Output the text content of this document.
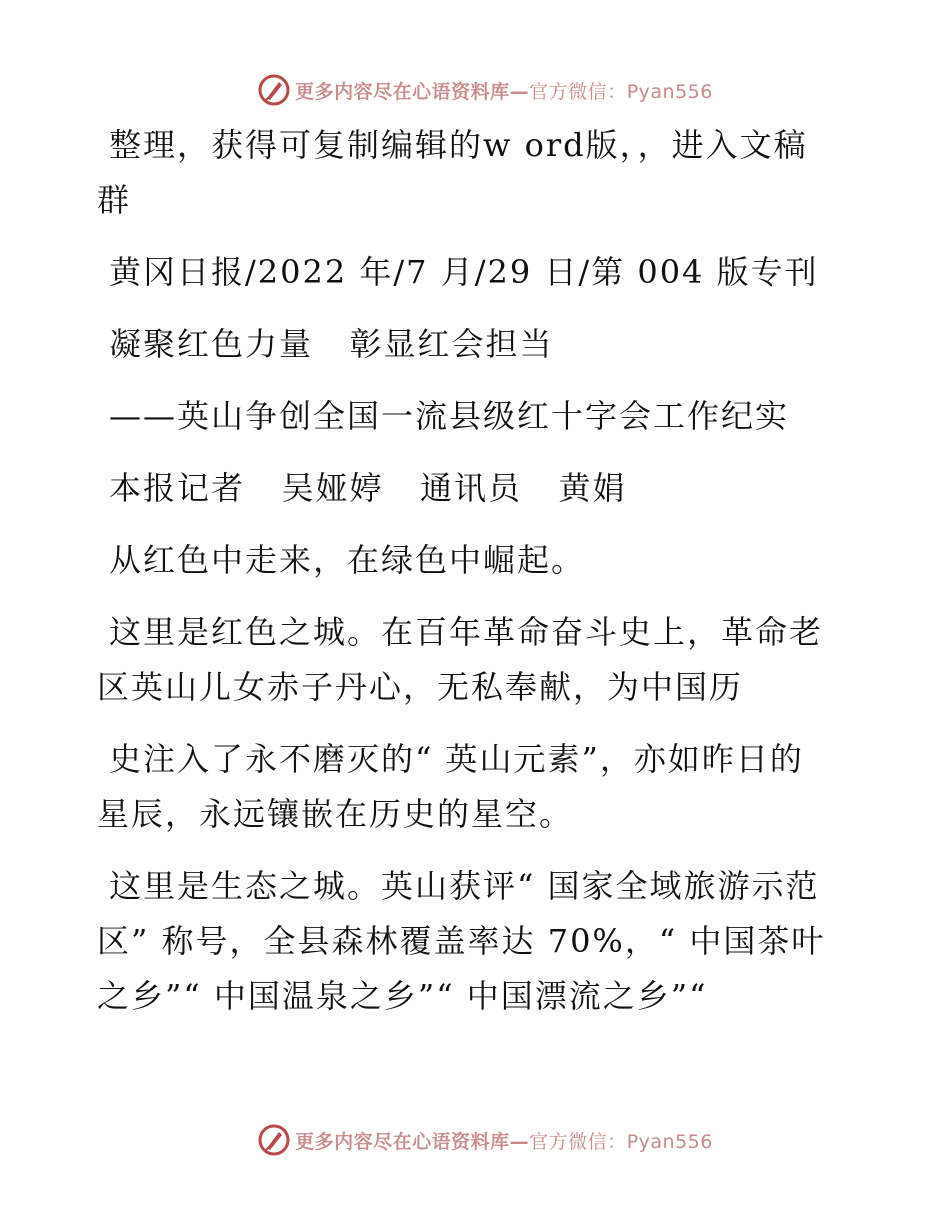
更多内容尽在心语资料库—官方微信：Pyan556
整理，获得可复制编辑的w ord版，，进入文稿
群
黄冈日报/2022 年/7 月/29 日/第 004 版专刊
凝聚红色力量   彰显红会担当
——英山争创全国一流县级红十字会工作纪实
本报记者   吴娅婷   通讯员   黄娟
从红色中走来，在绿色中崛起。
这里是红色之城。在百年革命奋斗史上，革命老
区英山儿女赤子丹心，无私奉献，为中国历
史注入了永不磨灭的“ 英山元素”，亦如昨日的
星辰，永远镶嵌在历史的星空。
这里是生态之城。英山获评“ 国家全域旅游示范
区” 称号，全县森林覆盖率达 70%，“ 中国茶叶
之乡”“ 中国温泉之乡”“ 中国漂流之乡”“
更多内容尽在心语资料库—官方微信：Pyan556
